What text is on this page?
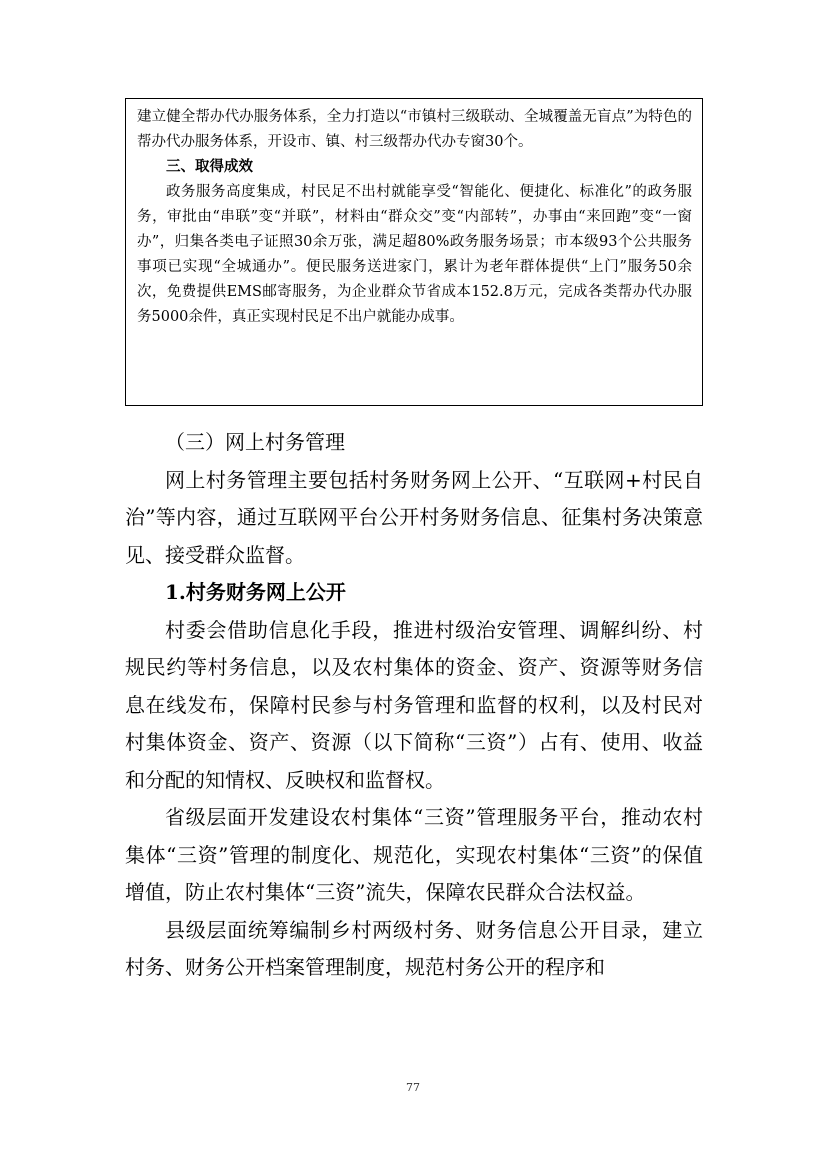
建立健全帮办代办服务体系，全力打造以“市镇村三级联动、全城覆盖无盲点”为特色的帮办代办服务体系，开设市、镇、村三级帮办代办专窗30个。

三、取得成效

政务服务高度集成，村民足不出村就能享受“智能化、便捷化、标准化”的政务服务，审批由“串联”变“并联”，材料由“群众交”变“内部转”，办事由“来回跑”变“一窗办”，归集各类电子证照30余万张，满足超80%政务服务场景；市本级93个公共服务事项已实现“全城通办”。便民服务送进家门，累计为老年群体提供“上门”服务50余次，免费提供EMS邮寄服务，为企业群众节省成本152.8万元，完成各类帮办代办服务5000余件，真正实现村民足不出户就能办成事。

（三）网上村务管理

网上村务管理主要包括村务财务网上公开、“互联网+村民自治”等内容，通过互联网平台公开村务财务信息、征集村务决策意见、接受群众监督。

1.村务财务网上公开

村委会借助信息化手段，推进村级治安管理、调解纠纷、村规民约等村务信息，以及农村集体的资金、资产、资源等财务信息在线发布，保障村民参与村务管理和监督的权利，以及村民对村集体资金、资产、资源（以下简称“三资”）占有、使用、收益和分配的知情权、反映权和监督权。

省级层面开发建设农村集体“三资”管理服务平台，推动农村集体“三资”管理的制度化、规范化，实现农村集体“三资”的保值增值，防止农村集体“三资”流失，保障农民群众合法权益。

县级层面统筹编制乡村两级村务、财务信息公开目录，建立村务、财务公开档案管理制度，规范村务公开的程序和

77
